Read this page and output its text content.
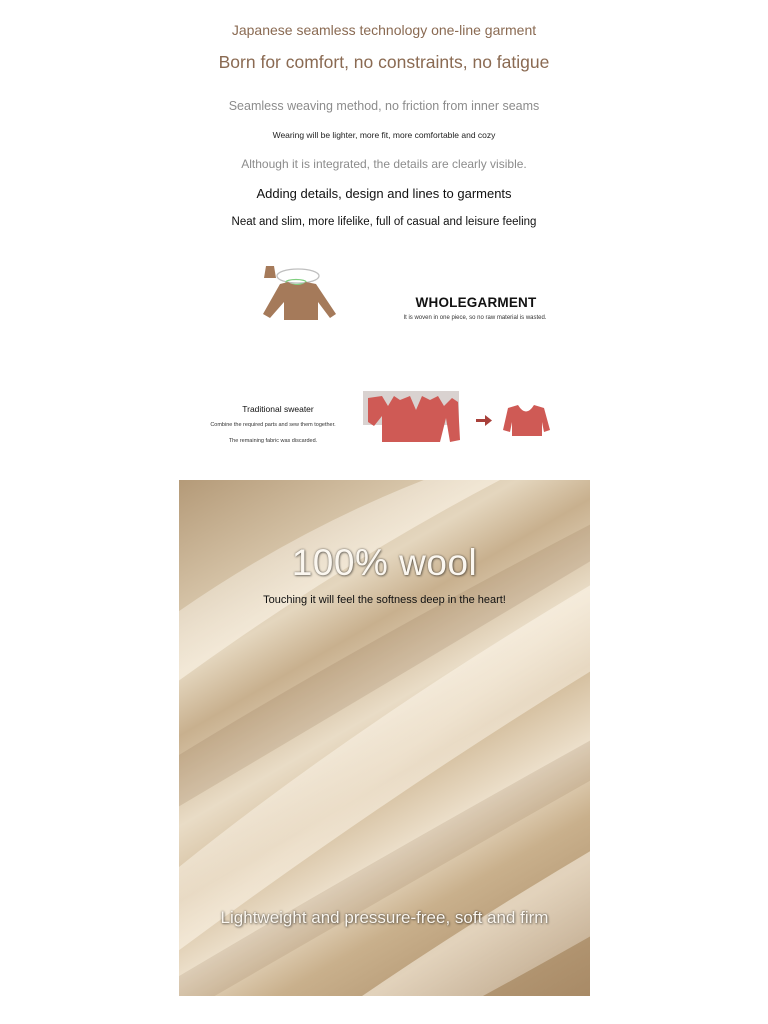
Japanese seamless technology one-line garment
Born for comfort, no constraints, no fatigue
Seamless weaving method, no friction from inner seams
Wearing will be lighter, more fit, more comfortable and cozy
Although it is integrated, the details are clearly visible.
Adding details, design and lines to garments
Neat and slim, more lifelike, full of casual and leisure feeling
WHOLEGARMENT
It is woven in one piece, so no raw material is wasted.
Traditional sweater
Combine the required parts and sew them together.
The remaining fabric was discarded.
100% wool
Touching it will feel the softness deep in the heart!
Lightweight and pressure-free, soft and firm
